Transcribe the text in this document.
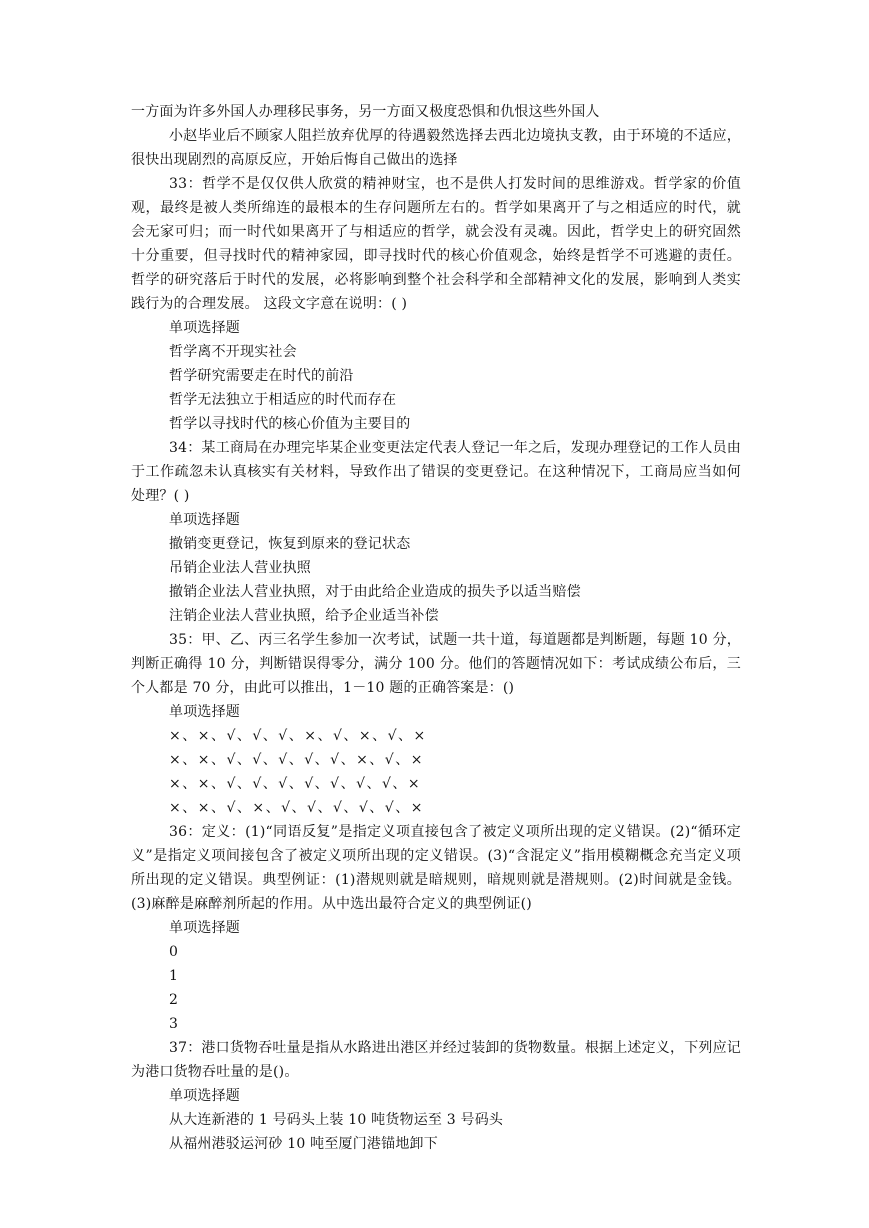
一方面为许多外国人办理移民事务，另一方面又极度恐惧和仇恨这些外国人

小赵毕业后不顾家人阻拦放弃优厚的待遇毅然选择去西北边境执支教，由于环境的不适应，很快出现剧烈的高原反应，开始后悔自己做出的选择

33：哲学不是仅仅供人欣赏的精神财宝，也不是供人打发时间的思维游戏。哲学家的价值观，最终是被人类所绵连的最根本的生存问题所左右的。哲学如果离开了与之相适应的时代，就会无家可归；而一时代如果离开了与相适应的哲学，就会没有灵魂。因此，哲学史上的研究固然十分重要，但寻找时代的精神家园，即寻找时代的核心价值观念，始终是哲学不可逃避的责任。哲学的研究落后于时代的发展，必将影响到整个社会科学和全部精神文化的发展，影响到人类实践行为的合理发展。 这段文字意在说明：( )

单项选择题

哲学离不开现实社会

哲学研究需要走在时代的前沿

哲学无法独立于相适应的时代而存在

哲学以寻找时代的核心价值为主要目的

34：某工商局在办理完毕某企业变更法定代表人登记一年之后，发现办理登记的工作人员由于工作疏忽未认真核实有关材料，导致作出了错误的变更登记。在这种情况下，工商局应当如何处理？( )

单项选择题

撤销变更登记，恢复到原来的登记状态

吊销企业法人营业执照

撤销企业法人营业执照，对于由此给企业造成的损失予以适当赔偿

注销企业法人营业执照，给予企业适当补偿

35：甲、乙、丙三名学生参加一次考试，试题一共十道，每道题都是判断题，每题 10 分，判断正确得 10 分，判断错误得零分，满分 100 分。他们的答题情况如下：考试成绩公布后，三个人都是 70 分，由此可以推出，1－10 题的正确答案是：()

单项选择题

×、×、√、√、√、×、√、×、√、×

×、×、√、√、√、√、√、×、√、×

×、×、√、√、√、√、√、√、√、×

×、×、√、×、√、√、√、√、√、×

36：定义：(1)“同语反复”是指定义项直接包含了被定义项所出现的定义错误。(2)“循环定义”是指定义项间接包含了被定义项所出现的定义错误。(3)“含混定义”指用模糊概念充当定义项所出现的定义错误。典型例证：(1)潜规则就是暗规则，暗规则就是潜规则。(2)时间就是金钱。(3)麻醉是麻醉剂所起的作用。从中选出最符合定义的典型例证()

单项选择题

0

1

2

3

37：港口货物吞吐量是指从水路进出港区并经过装卸的货物数量。根据上述定义，下列应记为港口货物吞吐量的是()。

单项选择题

从大连新港的 1 号码头上装 10 吨货物运至 3 号码头

从福州港驳运河砂 10 吨至厦门港锚地卸下
